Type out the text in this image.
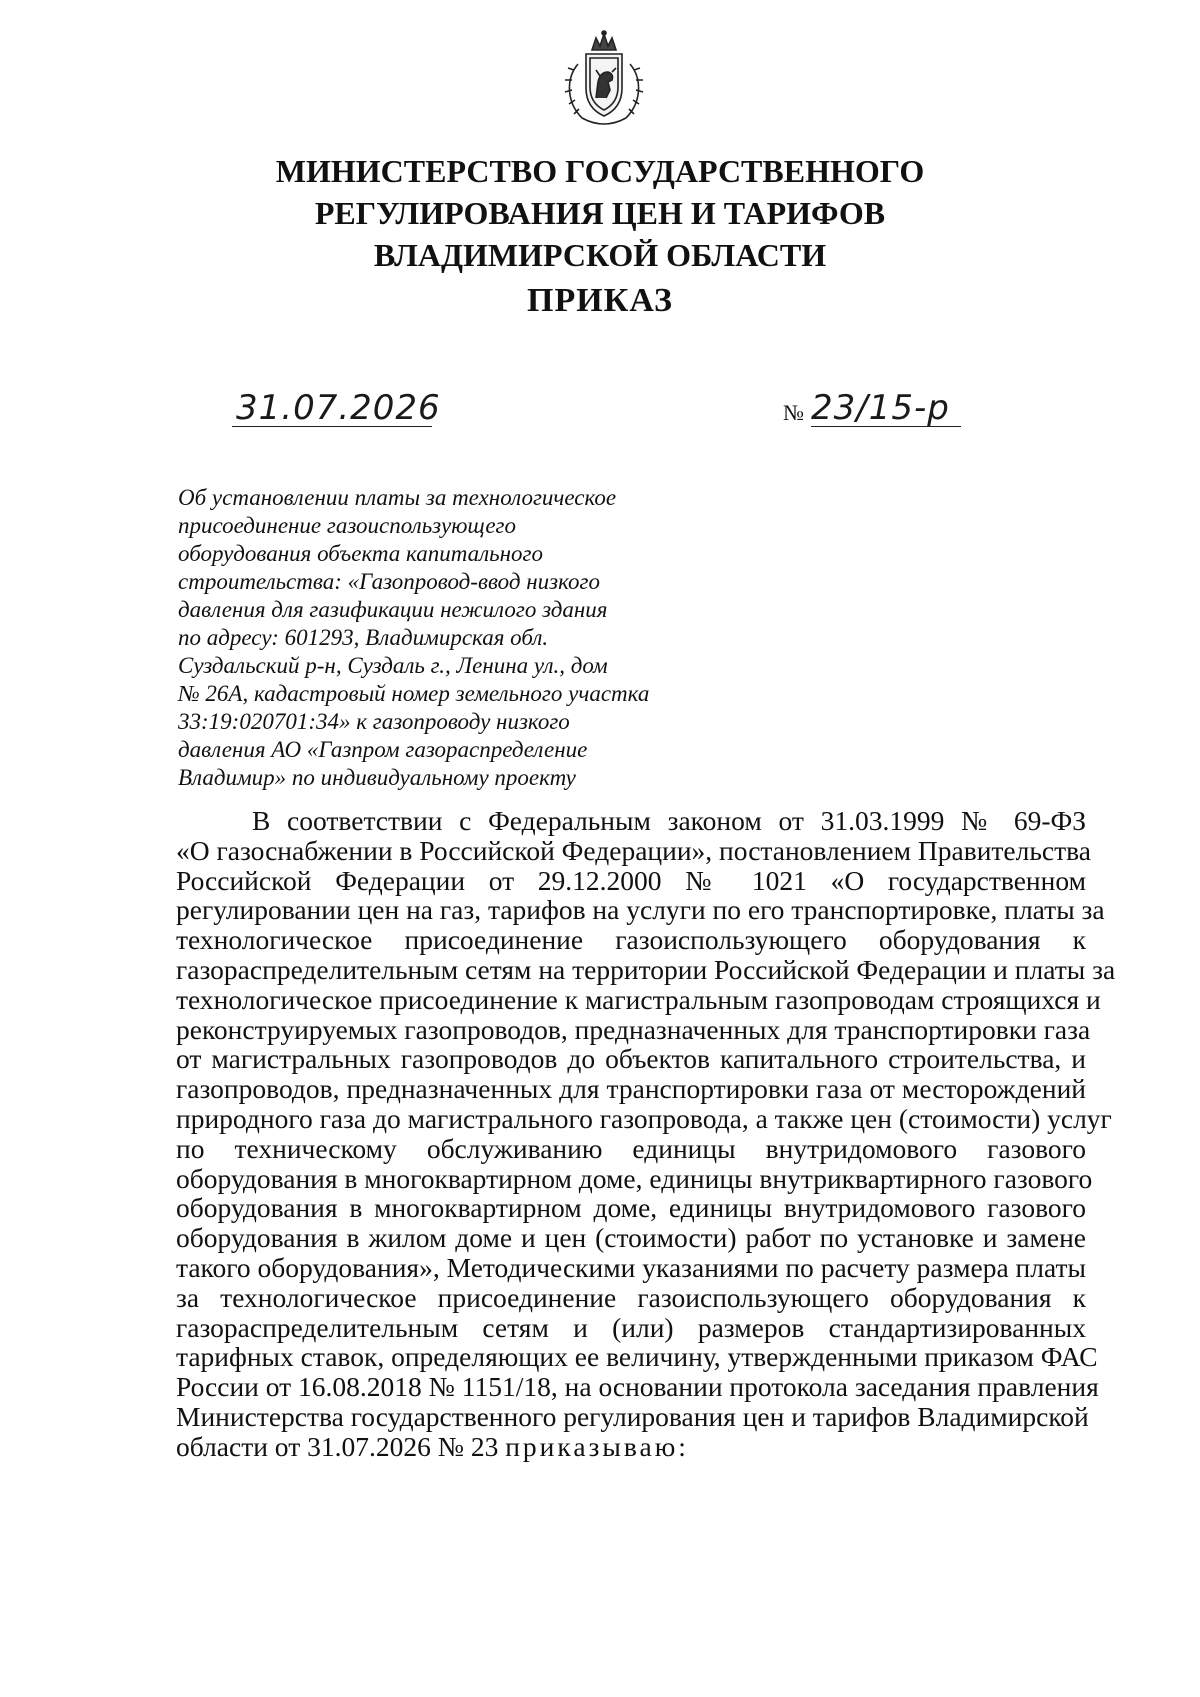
МИНИСТЕРСТВО ГОСУДАРСТВЕННОГО
РЕГУЛИРОВАНИЯ ЦЕН И ТАРИФОВ
ВЛАДИМИРСКОЙ ОБЛАСТИ
ПРИКАЗ
31.07.2026	№ 23/15-р
Об установлении платы за технологическое
присоединение газоиспользующего
оборудования объекта капитального
строительства: «Газопровод-ввод низкого
давления для газификации нежилого здания
по адресу: 601293, Владимирская обл.
Суздальский р-н, Суздаль г., Ленина ул., дом
№ 26А, кадастровый номер земельного участка
33:19:020701:34» к газопроводу низкого
давления АО «Газпром газораспределение
Владимир» по индивидуальному проекту
В соответствии с Федеральным законом от 31.03.1999 № 69-ФЗ
«О газоснабжении в Российской Федерации», постановлением Правительства
Российской Федерации от 29.12.2000 № 1021 «О государственном
регулировании цен на газ, тарифов на услуги по его транспортировке, платы за
технологическое присоединение газоиспользующего оборудования к
газораспределительным сетям на территории Российской Федерации и платы за
технологическое присоединение к магистральным газопроводам строящихся и
реконструируемых газопроводов, предназначенных для транспортировки газа
от магистральных газопроводов до объектов капитального строительства, и
газопроводов, предназначенных для транспортировки газа от месторождений
природного газа до магистрального газопровода, а также цен (стоимости) услуг
по техническому обслуживанию единицы внутридомового газового
оборудования в многоквартирном доме, единицы внутриквартирного газового
оборудования в многоквартирном доме, единицы внутридомового газового
оборудования в жилом доме и цен (стоимости) работ по установке и замене
такого оборудования», Методическими указаниями по расчету размера платы
за технологическое присоединение газоиспользующего оборудования к
газораспределительным сетям и (или) размеров стандартизированных
тарифных ставок, определяющих ее величину, утвержденными приказом ФАС
России от 16.08.2018 № 1151/18, на основании протокола заседания правления
Министерства государственного регулирования цен и тарифов Владимирской
области от 31.07.2026 № 23 приказываю:
